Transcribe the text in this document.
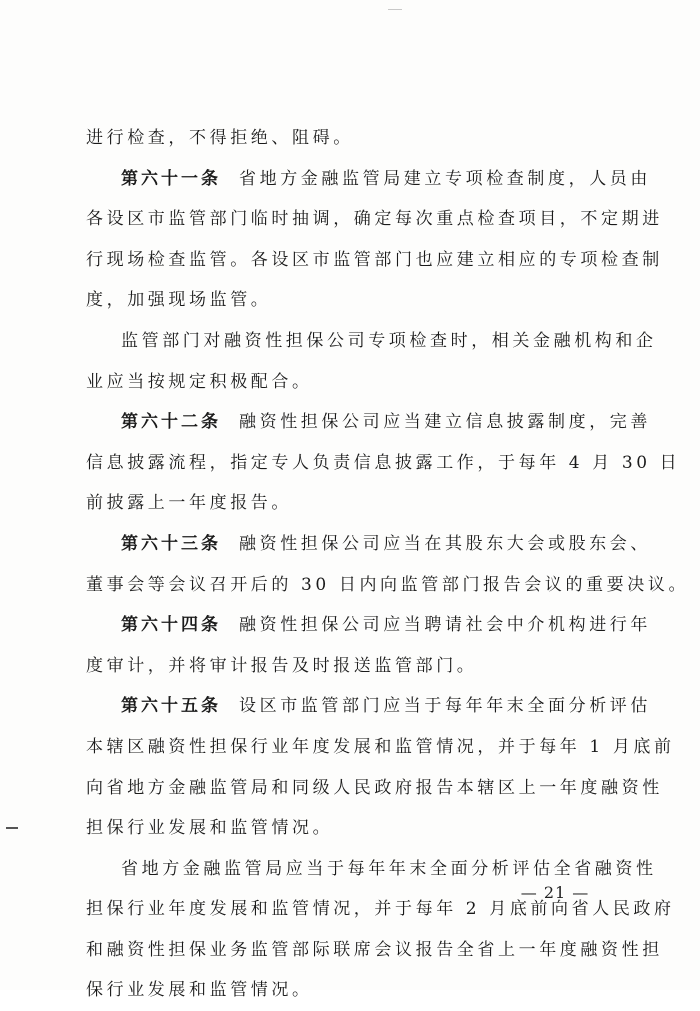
进行检查，不得拒绝、阻碍。
第六十一条 省地方金融监管局建立专项检查制度，人员由
各设区市监管部门临时抽调，确定每次重点检查项目，不定期进
行现场检查监管。各设区市监管部门也应建立相应的专项检查制
度，加强现场监管。
监管部门对融资性担保公司专项检查时，相关金融机构和企
业应当按规定积极配合。
第六十二条 融资性担保公司应当建立信息披露制度，完善
信息披露流程，指定专人负责信息披露工作，于每年 4 月 30 日
前披露上一年度报告。
第六十三条 融资性担保公司应当在其股东大会或股东会、
董事会等会议召开后的 30 日内向监管部门报告会议的重要决议。
第六十四条 融资性担保公司应当聘请社会中介机构进行年
度审计，并将审计报告及时报送监管部门。
第六十五条 设区市监管部门应当于每年年末全面分析评估
本辖区融资性担保行业年度发展和监管情况，并于每年 1 月底前
向省地方金融监管局和同级人民政府报告本辖区上一年度融资性
担保行业发展和监管情况。
省地方金融监管局应当于每年年末全面分析评估全省融资性
担保行业年度发展和监管情况，并于每年 2 月底前向省人民政府
和融资性担保业务监管部际联席会议报告全省上一年度融资性担
保行业发展和监管情况。
— 21 —
